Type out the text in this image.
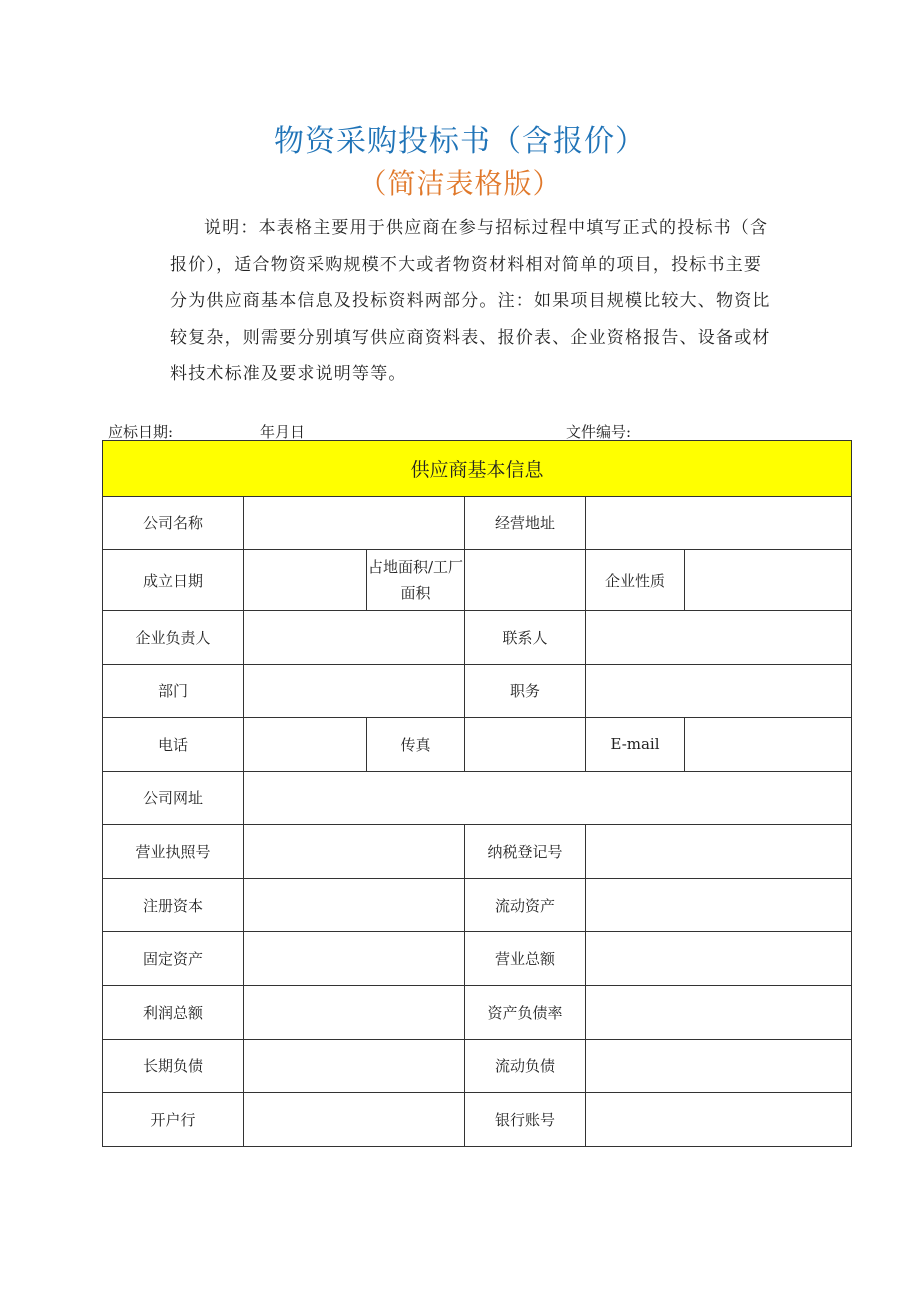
物资采购投标书（含报价）
（简洁表格版）

说明：本表格主要用于供应商在参与招标过程中填写正式的投标书（含报价），适合物资采购规模不大或者物资材料相对简单的项目，投标书主要分为供应商基本信息及投标资料两部分。注：如果项目规模比较大、物资比较复杂，则需要分别填写供应商资料表、报价表、企业资格报告、设备或材料技术标准及要求说明等等。

应标日期:	年月日	文件编号:
供应商基本信息					
公司名称			经营地址		
成立日期		占地面积/工厂面积		企业性质	
企业负责人			联系人		
部门			职务		
电话		传真		E-mail	
公司网址					
营业执照号			纳税登记号		
注册资本			流动资产		
固定资产			营业总额		
利润总额			资产负债率		
长期负债			流动负债		
开户行			银行账号		
